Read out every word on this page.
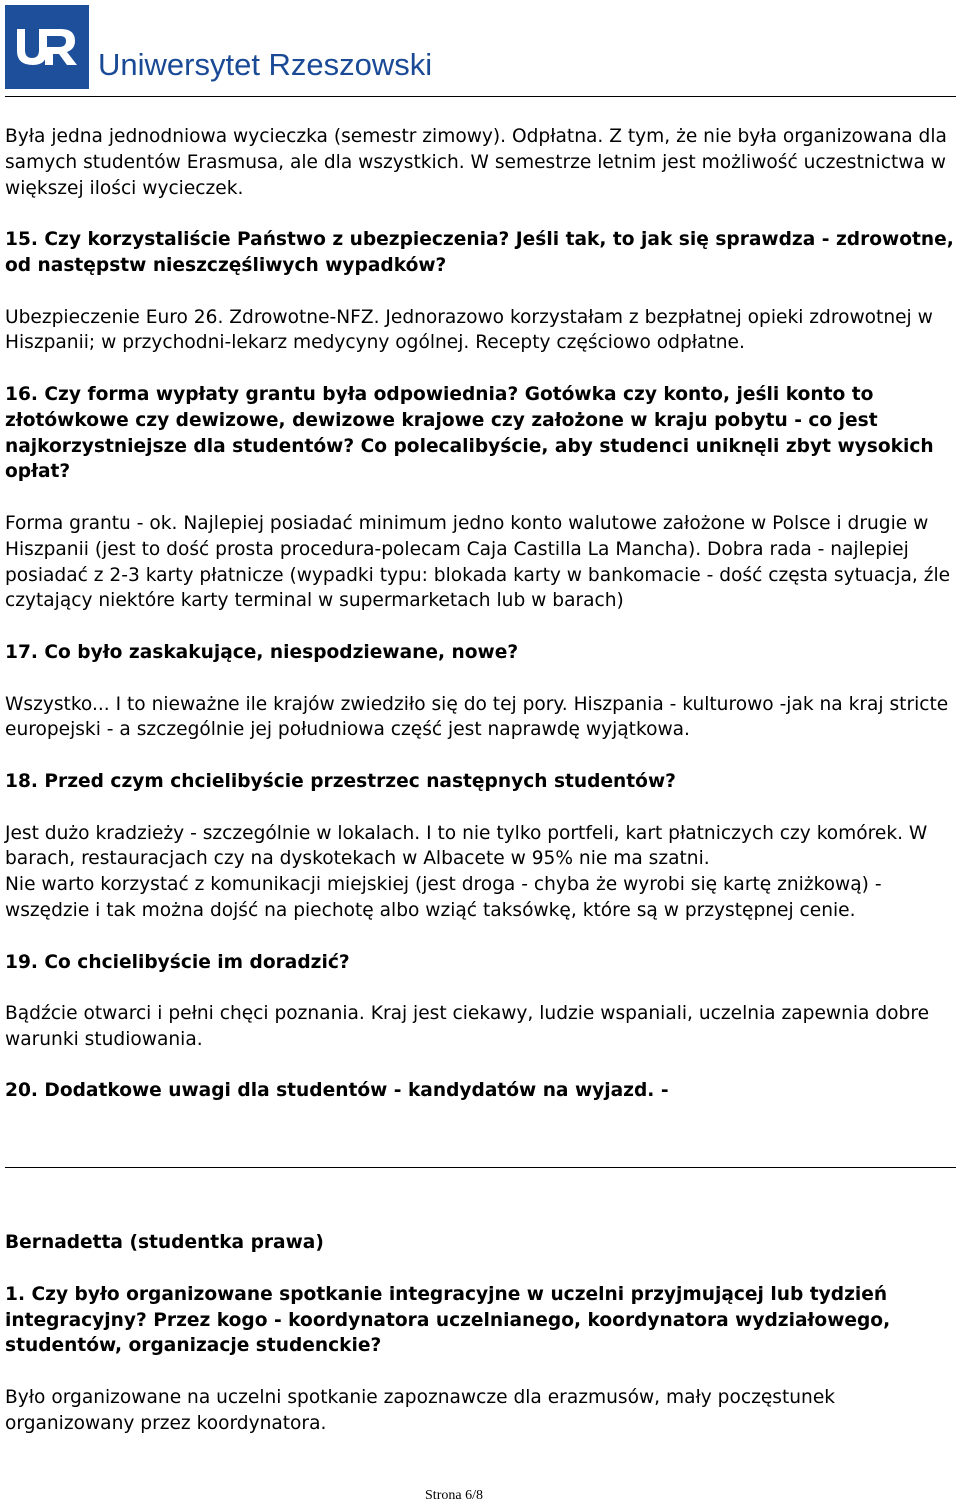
Uniwersytet Rzeszowski

Była jedna jednodniowa wycieczka (semestr zimowy). Odpłatna. Z tym, że nie była organizowana dla samych studentów Erasmusa, ale dla wszystkich. W semestrze letnim jest możliwość uczestnictwa w większej ilości wycieczek.

15. Czy korzystaliście Państwo z ubezpieczenia? Jeśli tak, to jak się sprawdza - zdrowotne, od następstw nieszczęśliwych wypadków?

Ubezpieczenie Euro 26. Zdrowotne-NFZ. Jednorazowo korzystałam z bezpłatnej opieki zdrowotnej w Hiszpanii; w przychodni-lekarz medycyny ogólnej. Recepty częściowo odpłatne.

16. Czy forma wypłaty grantu była odpowiednia? Gotówka czy konto, jeśli konto to złotówkowe czy dewizowe, dewizowe krajowe czy założone w kraju pobytu - co jest najkorzystniejsze dla studentów? Co polecalibyście, aby studenci uniknęli zbyt wysokich opłat?

Forma grantu - ok. Najlepiej posiadać minimum jedno konto walutowe założone w Polsce i drugie w Hiszpanii (jest to dość prosta procedura-polecam Caja Castilla La Mancha). Dobra rada - najlepiej posiadać z 2-3 karty płatnicze (wypadki typu: blokada karty w bankomacie - dość częsta sytuacja, źle czytający niektóre karty terminal w supermarketach lub w barach)

17. Co było zaskakujące, niespodziewane, nowe?

Wszystko... I to nieważne ile krajów zwiedziło się do tej pory. Hiszpania - kulturowo -jak na kraj stricte europejski - a szczególnie jej południowa część jest naprawdę wyjątkowa.

18. Przed czym chcielibyście przestrzec następnych studentów?

Jest dużo kradzieży - szczególnie w lokalach. I to nie tylko portfeli, kart płatniczych czy komórek. W barach, restauracjach czy na dyskotekach w Albacete w 95% nie ma szatni.
Nie warto korzystać z komunikacji miejskiej (jest droga - chyba że wyrobi się kartę zniżkową) - wszędzie i tak można dojść na piechotę albo wziąć taksówkę, które są w przystępnej cenie.

19. Co chcielibyście im doradzić?

Bądźcie otwarci i pełni chęci poznania. Kraj jest ciekawy, ludzie wspaniali, uczelnia zapewnia dobre warunki studiowania.

20. Dodatkowe uwagi dla studentów - kandydatów na wyjazd. -

Bernadetta (studentka prawa)

1. Czy było organizowane spotkanie integracyjne w uczelni przyjmującej lub tydzień integracyjny? Przez kogo - koordynatora uczelnianego, koordynatora wydziałowego, studentów, organizacje studenckie?

Było organizowane na uczelni spotkanie zapoznawcze dla erazmusów, mały poczęstunek organizowany przez koordynatora.

Strona 6/8
